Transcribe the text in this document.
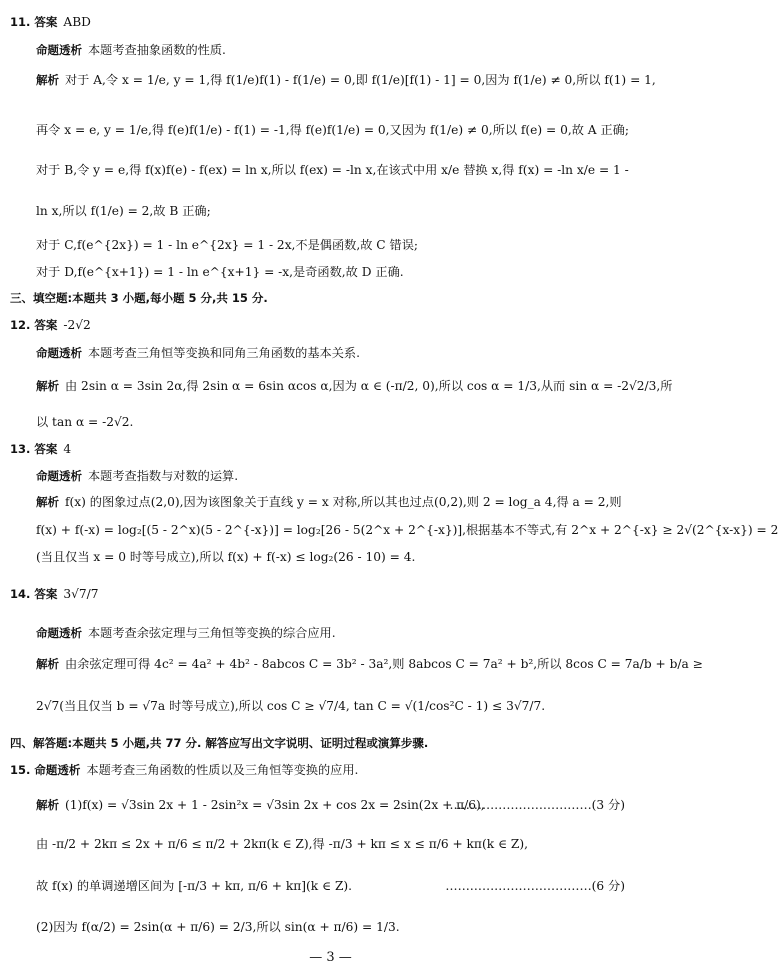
11. 答案 ABD
命题透析 本题考查抽象函数的性质.
解析 对于 A,令 x = 1/e, y = 1,得 f(1/e)f(1) - f(1/e) = 0,即 f(1/e)[f(1) - 1] = 0,因为 f(1/e) ≠ 0,所以 f(1) = 1,
再令 x = e, y = 1/e,得 f(e)f(1/e) - f(1) = -1,得 f(e)f(1/e) = 0,又因为 f(1/e) ≠ 0,所以 f(e) = 0,故 A 正确;
对于 B,令 y = e,得 f(x)f(e) - f(ex) = ln x,所以 f(ex) = -ln x,在该式中用 x/e 替换 x,得 f(x) = -ln x/e = 1 -
ln x,所以 f(1/e) = 2,故 B 正确;
对于 C,f(e^{2x}) = 1 - ln e^{2x} = 1 - 2x,不是偶函数,故 C 错误;
对于 D,f(e^{x+1}) = 1 - ln e^{x+1} = -x,是奇函数,故 D 正确.
三、填空题:本题共 3 小题,每小题 5 分,共 15 分.
12. 答案 -2√2
命题透析 本题考查三角恒等变换和同角三角函数的基本关系.
解析 由 2sin α = 3sin 2α,得 2sin α = 6sin αcos α,因为 α ∈ (-π/2, 0),所以 cos α = 1/3,从而 sin α = -2√2/3,所
以 tan α = -2√2.
13. 答案 4
命题透析 本题考查指数与对数的运算.
解析 f(x) 的图象过点(2,0),因为该图象关于直线 y = x 对称,所以其也过点(0,2),则 2 = log_a 4,得 a = 2,则
f(x) + f(-x) = log₂[(5 - 2^x)(5 - 2^{-x})] = log₂[26 - 5(2^x + 2^{-x})],根据基本不等式,有 2^x + 2^{-x} ≥ 2√(2^{x-x}) = 2
(当且仅当 x = 0 时等号成立),所以 f(x) + f(-x) ≤ log₂(26 - 10) = 4.
14. 答案 3√7/7
命题透析 本题考查余弦定理与三角恒等变换的综合应用.
解析 由余弦定理可得 4c² = 4a² + 4b² - 8abcos C = 3b² - 3a²,则 8abcos C = 7a² + b²,所以 8cos C = 7a/b + b/a ≥
2√7(当且仅当 b = √7a 时等号成立),所以 cos C ≥ √7/4, tan C = √(1/cos²C - 1) ≤ 3√7/7.
四、解答题:本题共 5 小题,共 77 分. 解答应写出文字说明、证明过程或演算步骤.
15. 命题透析 本题考查三角函数的性质以及三角恒等变换的应用.
解析 (1)f(x) = √3sin 2x + 1 - 2sin²x = √3sin 2x + cos 2x = 2sin(2x + π/6),
………………………………(3 分)
由 -π/2 + 2kπ ≤ 2x + π/6 ≤ π/2 + 2kπ(k ∈ Z),得 -π/3 + kπ ≤ x ≤ π/6 + kπ(k ∈ Z),
故 f(x) 的单调递增区间为 [-π/3 + kπ, π/6 + kπ](k ∈ Z).	………………………………(6 分)
(2)因为 f(α/2) = 2sin(α + π/6) = 2/3,所以 sin(α + π/6) = 1/3.
— 3 —
